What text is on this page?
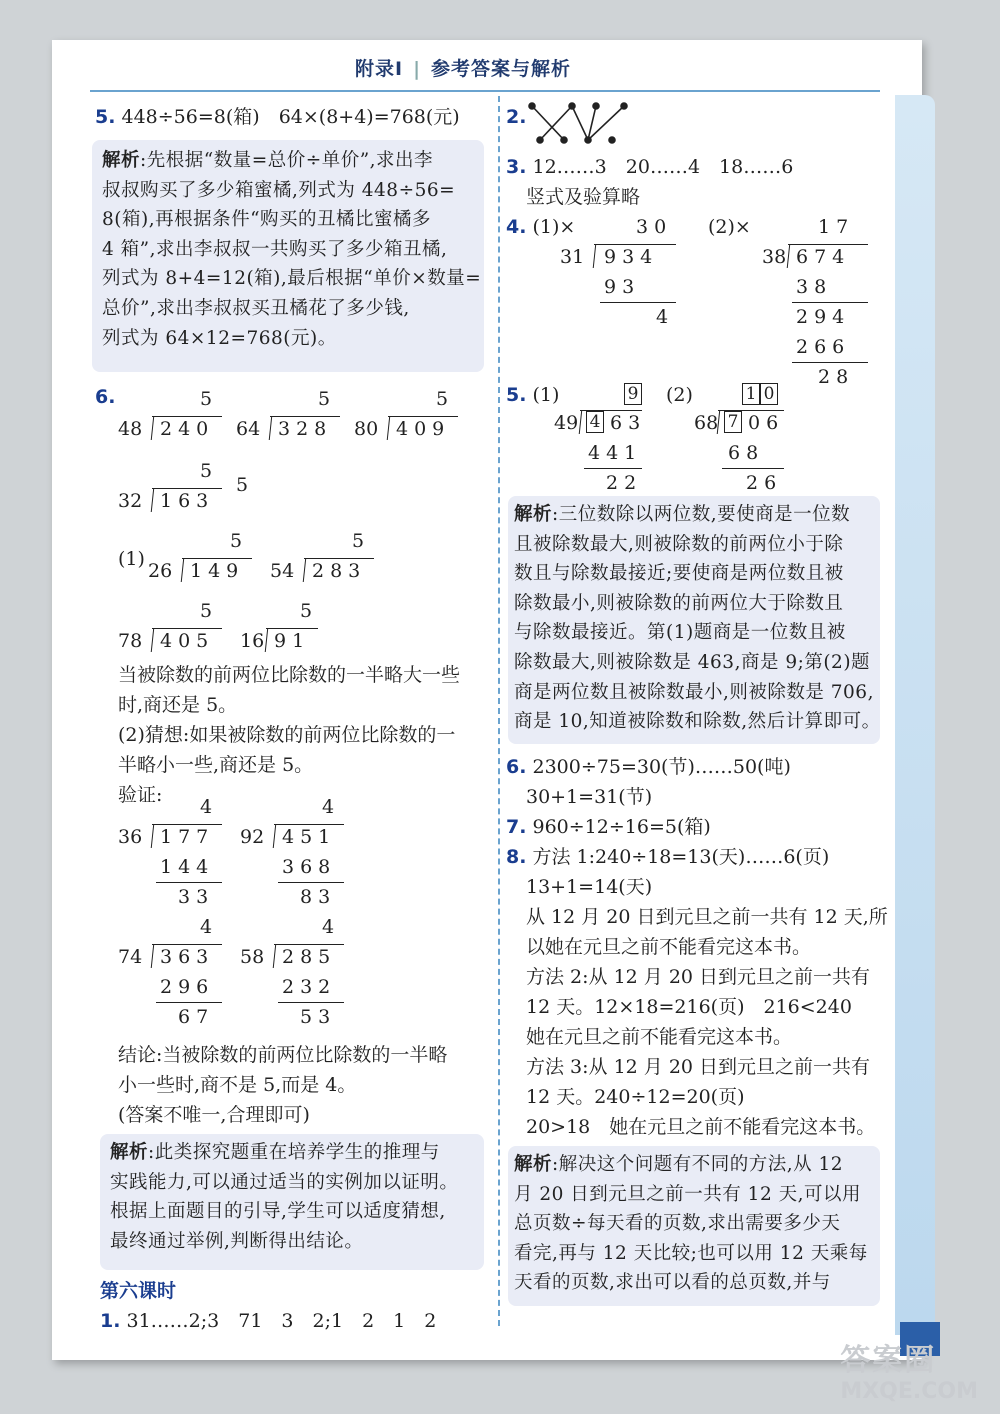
附录Ⅰ | 参考答案与解析
5. 448÷56=8(箱)　64×(8+4)=768(元)
解析:先根据“数量=总价÷单价”,求出李
叔叔购买了多少箱蜜橘,列式为 448÷56=
8(箱),再根据条件“购买的丑橘比蜜橘多
4 箱”,求出李叔叔一共购买了多少箱丑橘,
列式为 8+4=12(箱),最后根据“单价×数量=
总价”,求出李叔叔买丑橘花了多少钱,
列式为 64×12=768(元)。
6.	5
48 240
5
64 328
5
80 409
5
32 163
5
(1)
5
26 149
5
54 283
5
78 405
5
16 91
当被除数的前两位比除数的一半略大一些
时,商还是 5。
(2)猜想:如果被除数的前两位比除数的一
半略小一些,商还是 5。
验证:
4
36 177
144
33
4
92 451
368
83
4
74 363
296
67
4
58 285
232
53
结论:当被除数的前两位比除数的一半略
小一些时,商不是 5,而是 4。
(答案不唯一,合理即可)
解析:此类探究题重在培养学生的推理与
实践能力,可以通过适当的实例加以证明。
根据上面题目的引导,学生可以适度猜想,
最终通过举例,判断得出结论。
第六课时
1. 31……2;3　71　3　2;1　2　1　2
2.
3. 12……3　20……4　18……6
竖式及验算略
4. (1)×	(2)×
30
31 934
93
4
17
38 674
38
294
266
28
5. (1)	(2)
9
49 4 63
441
22
1 0
68 7 06
68
26
解析:三位数除以两位数,要使商是一位数
且被除数最大,则被除数的前两位小于除
数且与除数最接近;要使商是两位数且被
除数最小,则被除数的前两位大于除数且
与除数最接近。第(1)题商是一位数且被
除数最大,则被除数是 463,商是 9;第(2)题
商是两位数且被除数最小,则被除数是 706,
商是 10,知道被除数和除数,然后计算即可。
6. 2300÷75=30(节)……50(吨)
30+1=31(节)
7. 960÷12÷16=5(箱)
8. 方法 1:240÷18=13(天)……6(页)
13+1=14(天)
从 12 月 20 日到元旦之前一共有 12 天,所
以她在元旦之前不能看完这本书。
方法 2:从 12 月 20 日到元旦之前一共有
12 天。12×18=216(页)　216<240
她在元旦之前不能看完这本书。
方法 3:从 12 月 20 日到元旦之前一共有
12 天。240÷12=20(页)
20>18　她在元旦之前不能看完这本书。
解析:解决这个问题有不同的方法,从 12
月 20 日到元旦之前一共有 12 天,可以用
总页数÷每天看的页数,求出需要多少天
看完,再与 12 天比较;也可以用 12 天乘每
天看的页数,求出可以看的总页数,并与
答案圈
MXQE.COM
